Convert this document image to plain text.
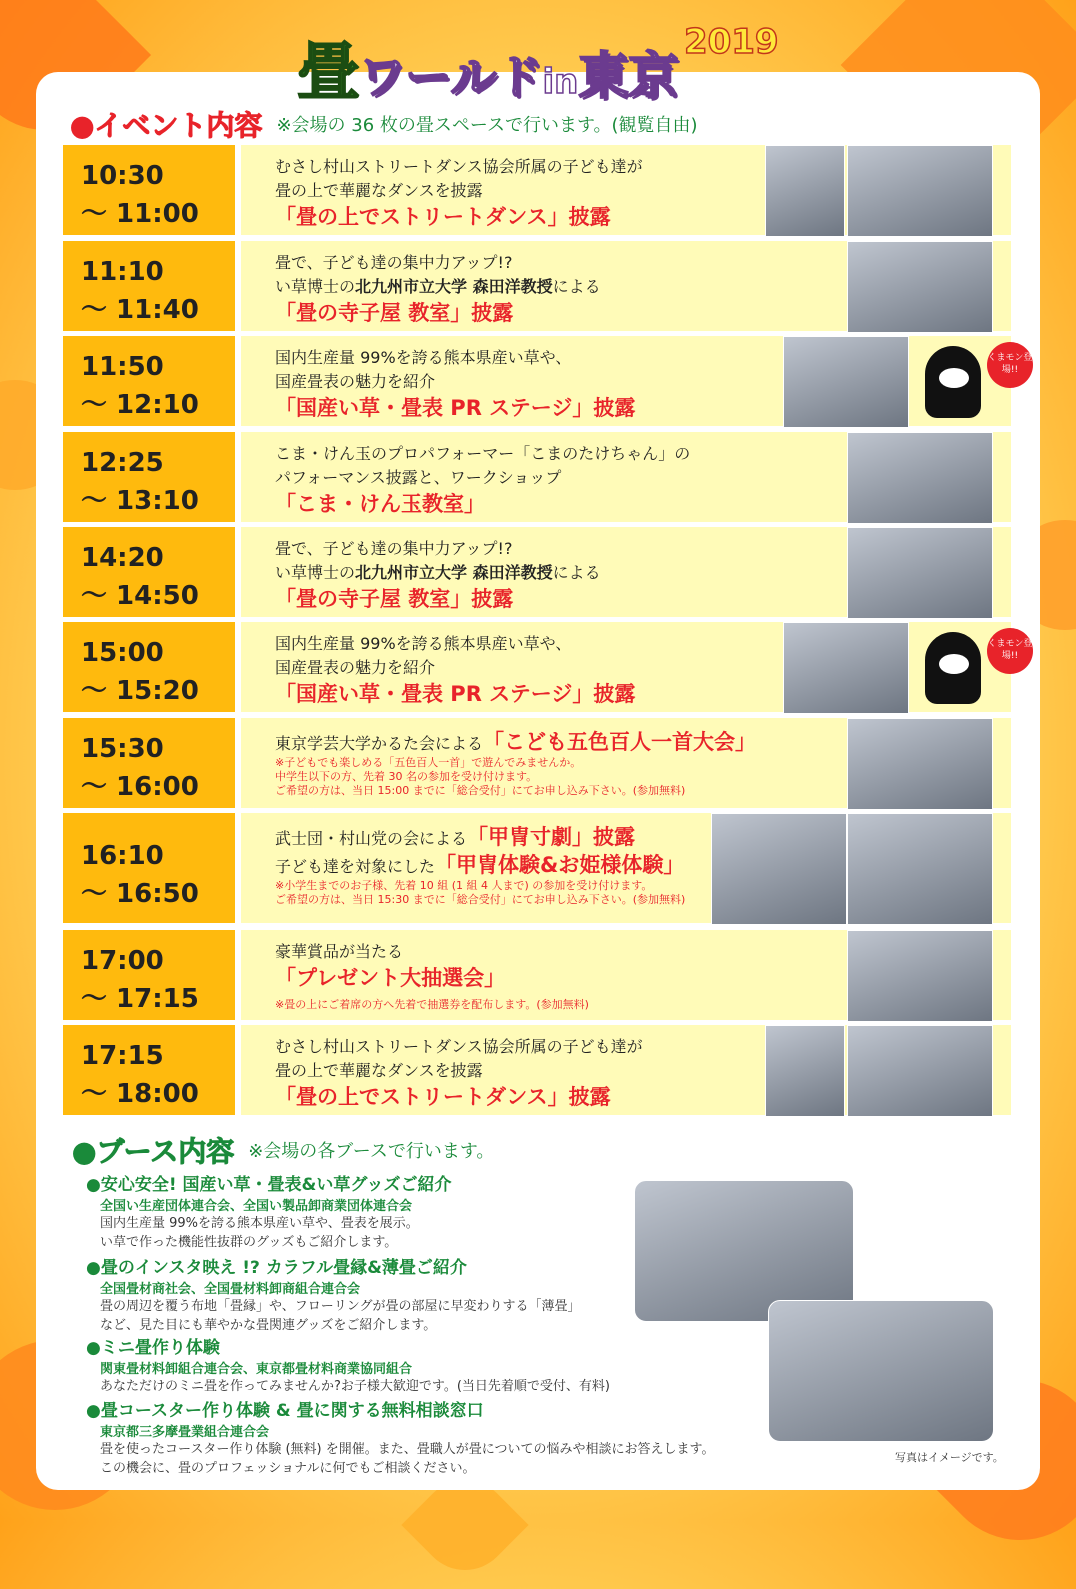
畳ワールドin東京 2019
●イベント内容 ※会場の 36 枚の畳スペースで行います。(観覧自由)
10:30
～ 11:00
むさし村山ストリートダンス協会所属の子ども達が
畳の上で華麗なダンスを披露
「畳の上でストリートダンス」披露
11:10
～ 11:40
畳で、子ども達の集中力アップ!?
い草博士の北九州市立大学 森田洋教授による
「畳の寺子屋 教室」披露
11:50
～ 12:10
国内生産量 99%を誇る熊本県産い草や、
国産畳表の魅力を紹介
「国産い草・畳表 PR ステージ」披露
くまモン登場!!
12:25
～ 13:10
こま・けん玉のプロパフォーマー「こまのたけちゃん」の
パフォーマンス披露と、ワークショップ
「こま・けん玉教室」
14:20
～ 14:50
畳で、子ども達の集中力アップ!?
い草博士の北九州市立大学 森田洋教授による
「畳の寺子屋 教室」披露
15:00
～ 15:20
国内生産量 99%を誇る熊本県産い草や、
国産畳表の魅力を紹介
「国産い草・畳表 PR ステージ」披露
くまモン登場!!
15:30
～ 16:00
東京学芸大学かるた会による「こども五色百人一首大会」
※子どもでも楽しめる「五色百人一首」で遊んでみませんか。
中学生以下の方、先着 30 名の参加を受け付けます。
ご希望の方は、当日 15:00 までに「総合受付」にてお申し込み下さい。(参加無料)
16:10
～ 16:50
武士団・村山党の会による「甲冑寸劇」披露
子ども達を対象にした「甲冑体験&お姫様体験」
※小学生までのお子様、先着 10 組 (1 組 4 人まで) の参加を受け付けます。
ご希望の方は、当日 15:30 までに「総合受付」にてお申し込み下さい。(参加無料)
17:00
～ 17:15
豪華賞品が当たる
「プレゼント大抽選会」
※畳の上にご着席の方へ先着で抽選券を配布します。(参加無料)
17:15
～ 18:00
むさし村山ストリートダンス協会所属の子ども達が
畳の上で華麗なダンスを披露
「畳の上でストリートダンス」披露
●ブース内容 ※会場の各ブースで行います。
●安心安全! 国産い草・畳表&い草グッズご紹介
全国い生産団体連合会、全国い製品卸商業団体連合会
国内生産量 99%を誇る熊本県産い草や、畳表を展示。
い草で作った機能性抜群のグッズもご紹介します。
●畳のインスタ映え !? カラフル畳縁&薄畳ご紹介
全国畳材商社会、全国畳材料卸商組合連合会
畳の周辺を覆う布地「畳縁」や、フローリングが畳の部屋に早変わりする「薄畳」
など、見た目にも華やかな畳関連グッズをご紹介します。
●ミニ畳作り体験
関東畳材料卸組合連合会、東京都畳材料商業協同組合
あなただけのミニ畳を作ってみませんか?お子様大歓迎です。(当日先着順で受付、有料)
●畳コースター作り体験 & 畳に関する無料相談窓口
東京都三多摩畳業組合連合会
畳を使ったコースター作り体験 (無料) を開催。また、畳職人が畳についての悩みや相談にお答えします。
この機会に、畳のプロフェッショナルに何でもご相談ください。
写真はイメージです。
